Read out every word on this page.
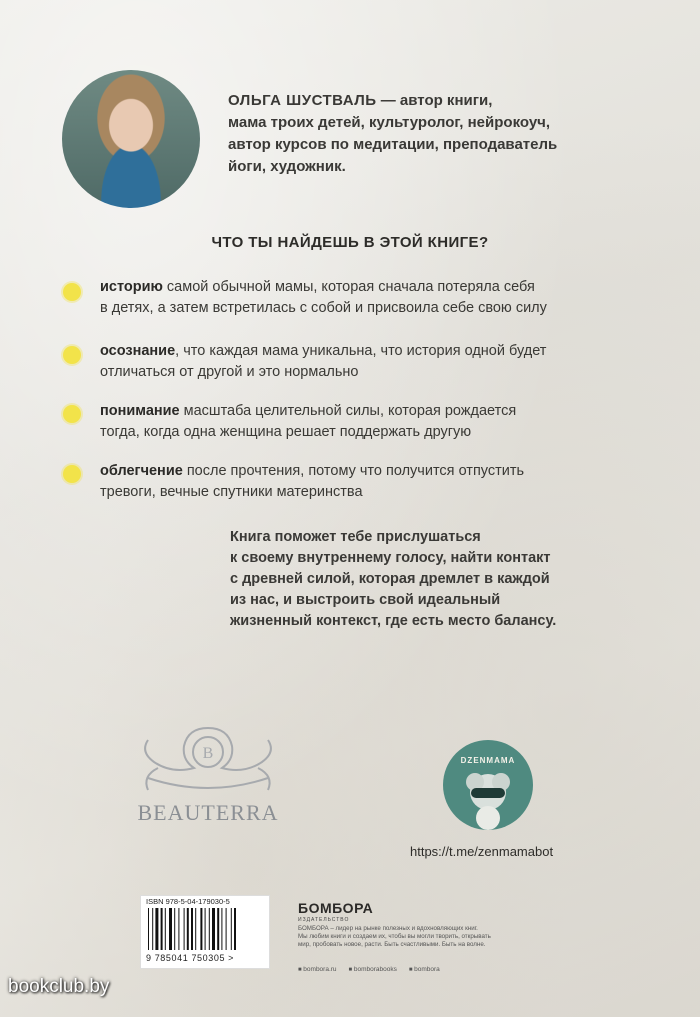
ОЛЬГА ШУСТВАЛЬ — автор книги,
мама троих детей, культуролог, нейрокоуч,
автор курсов по медитации, преподаватель
йоги, художник.
ЧТО ТЫ НАЙДЕШЬ В ЭТОЙ КНИГЕ?
историю самой обычной мамы, которая сначала потеряла себя
в детях, а затем встретилась с собой и присвоила себе свою силу
осознание, что каждая мама уникальна, что история одной будет
отличаться от другой и это нормально
понимание масштаба целительной силы, которая рождается
тогда, когда одна женщина решает поддержать другую
облегчение после прочтения, потому что получится отпустить
тревоги, вечные спутники материнства
Книга поможет тебе прислушаться
к своему внутреннему голосу, найти контакт
с древней силой, которая дремлет в каждой
из нас, и выстроить свой идеальный
жизненный контекст, где есть место балансу.
B
BEAUTERRA
DZENMAMA
https://t.me/zenmamabot
ISBN 978-5-04-179030-5
9 785041 750305 >
БОМБОРА
ИЗДАТЕЛЬСТВО
БОМБОРА – лидер на рынке полезных и вдохновляющих книг.
Мы любим книги и создаем их, чтобы вы могли творить, открывать
мир, пробовать новое, расти. Быть счастливыми. Быть на волне.
■ bombora.ru	■ bomborabooks	■ bombora
bookclub.by
